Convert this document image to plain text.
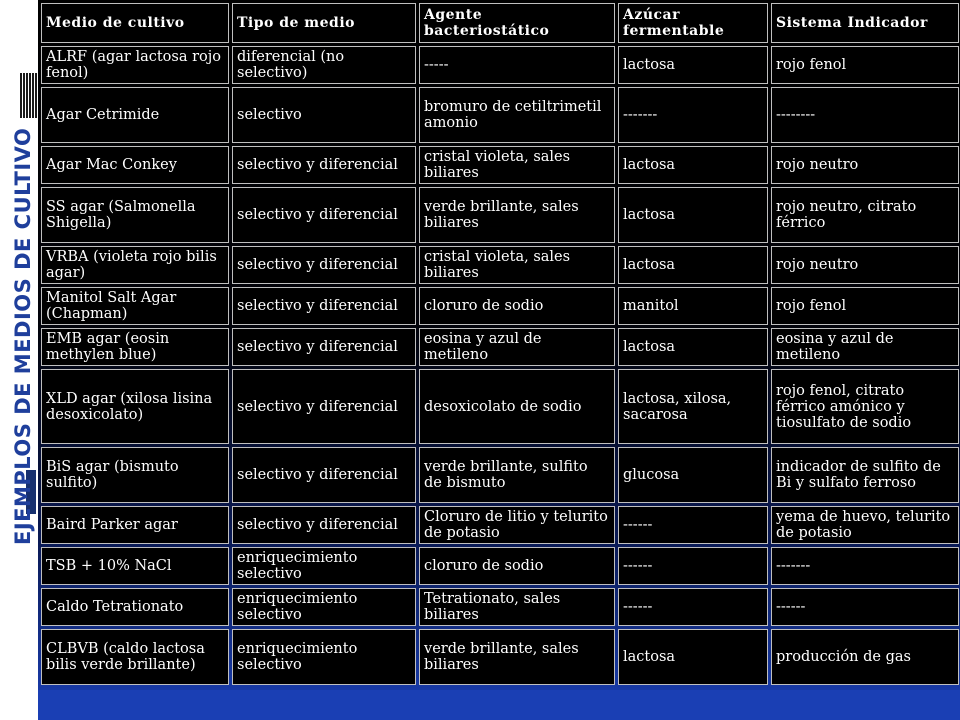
EJEMPLOS DE MEDIOS DE CULTIVO
Medio de cultivo	Tipo de medio	Agente bacteriostático	Azúcar fermentable	Sistema Indicador
ALRF (agar lactosa rojo fenol)	diferencial (no selectivo)	-----	lactosa	rojo fenol
Agar Cetrimide	selectivo	bromuro de cetiltrimetil amonio	-------	--------
Agar Mac Conkey	selectivo y diferencial	cristal violeta, sales biliares	lactosa	rojo neutro
SS agar (Salmonella Shigella)	selectivo y diferencial	verde brillante, sales biliares	lactosa	rojo neutro, citrato férrico
VRBA (violeta rojo bilis agar)	selectivo y diferencial	cristal violeta, sales biliares	lactosa	rojo neutro
Manitol Salt Agar (Chapman)	selectivo y diferencial	cloruro de sodio	manitol	rojo fenol
EMB agar (eosin methylen blue)	selectivo y diferencial	eosina y azul de metileno	lactosa	eosina y azul de metileno
XLD agar (xilosa lisina desoxicolato)	selectivo y diferencial	desoxicolato de sodio	lactosa, xilosa, sacarosa	rojo fenol, citrato férrico amónico y tiosulfato de sodio
BiS agar (bismuto sulfito)	selectivo y diferencial	verde brillante, sulfito de bismuto	glucosa	indicador de sulfito de Bi y sulfato ferroso
Baird Parker agar	selectivo y diferencial	Cloruro de litio y telurito de potasio	------	yema de huevo, telurito de potasio
TSB + 10% NaCl	enriquecimiento selectivo	cloruro de sodio	------	-------
Caldo Tetrationato	enriquecimiento selectivo	Tetrationato, sales biliares	------	------
CLBVB (caldo lactosa bilis verde brillante)	enriquecimiento selectivo	verde brillante, sales biliares	lactosa	producción de gas
